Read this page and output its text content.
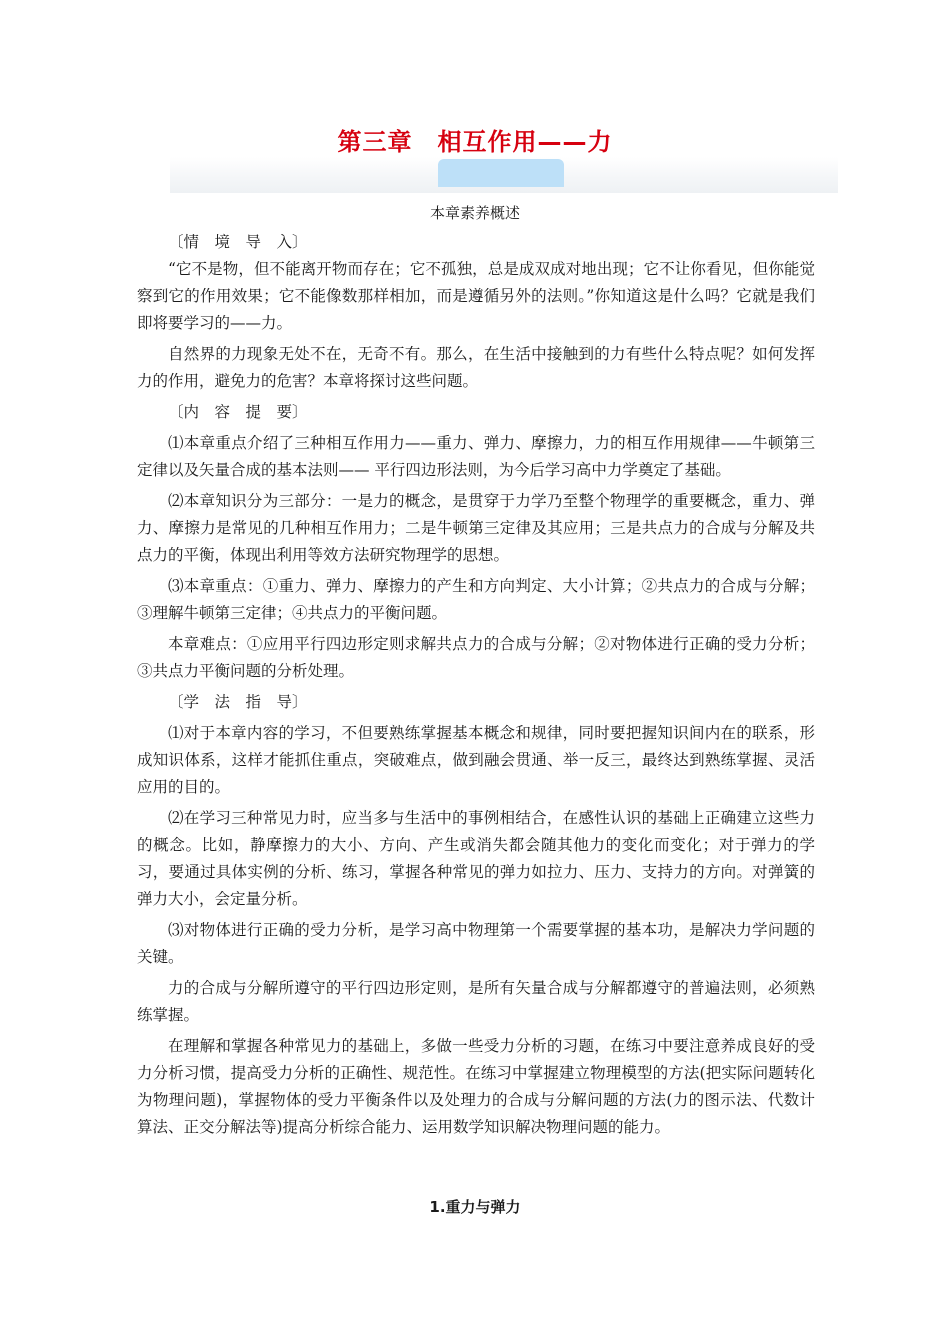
第三章　相互作用——力
本章素养概述

〔情　境　导　入〕

“它不是物，但不能离开物而存在；它不孤独，总是成双成对地出现；它不让你看见，但你能觉察到它的作用效果；它不能像数那样相加，而是遵循另外的法则。”你知道这是什么吗？它就是我们即将要学习的——力。

自然界的力现象无处不在，无奇不有。那么，在生活中接触到的力有些什么特点呢？如何发挥力的作用，避免力的危害？本章将探讨这些问题。

〔内　容　提　要〕

⑴本章重点介绍了三种相互作用力——重力、弹力、摩擦力，力的相互作用规律——牛顿第三定律以及矢量合成的基本法则—— 平行四边形法则，为今后学习高中力学奠定了基础。

⑵本章知识分为三部分：一是力的概念，是贯穿于力学乃至整个物理学的重要概念，重力、弹力、摩擦力是常见的几种相互作用力；二是牛顿第三定律及其应用；三是共点力的合成与分解及共点力的平衡，体现出利用等效方法研究物理学的思想。

⑶本章重点：①重力、弹力、摩擦力的产生和方向判定、大小计算；②共点力的合成与分解；③理解牛顿第三定律；④共点力的平衡问题。

本章难点：①应用平行四边形定则求解共点力的合成与分解；②对物体进行正确的受力分析；③共点力平衡问题的分析处理。

〔学　法　指　导〕

⑴对于本章内容的学习，不但要熟练掌握基本概念和规律，同时要把握知识间内在的联系，形成知识体系，这样才能抓住重点，突破难点，做到融会贯通、举一反三，最终达到熟练掌握、灵活应用的目的。

⑵在学习三种常见力时，应当多与生活中的事例相结合，在感性认识的基础上正确建立这些力的概念。比如，静摩擦力的大小、方向、产生或消失都会随其他力的变化而变化；对于弹力的学习，要通过具体实例的分析、练习，掌握各种常见的弹力如拉力、压力、支持力的方向。对弹簧的弹力大小，会定量分析。

⑶对物体进行正确的受力分析，是学习高中物理第一个需要掌握的基本功，是解决力学问题的关键。

力的合成与分解所遵守的平行四边形定则，是所有矢量合成与分解都遵守的普遍法则，必须熟练掌握。

在理解和掌握各种常见力的基础上，多做一些受力分析的习题，在练习中要注意养成良好的受力分析习惯，提高受力分析的正确性、规范性。在练习中掌握建立物理模型的方法(把实际问题转化为物理问题)，掌握物体的受力平衡条件以及处理力的合成与分解问题的方法(力的图示法、代数计算法、正交分解法等)提高分析综合能力、运用数学知识解决物理问题的能力。

1.重力与弹力
